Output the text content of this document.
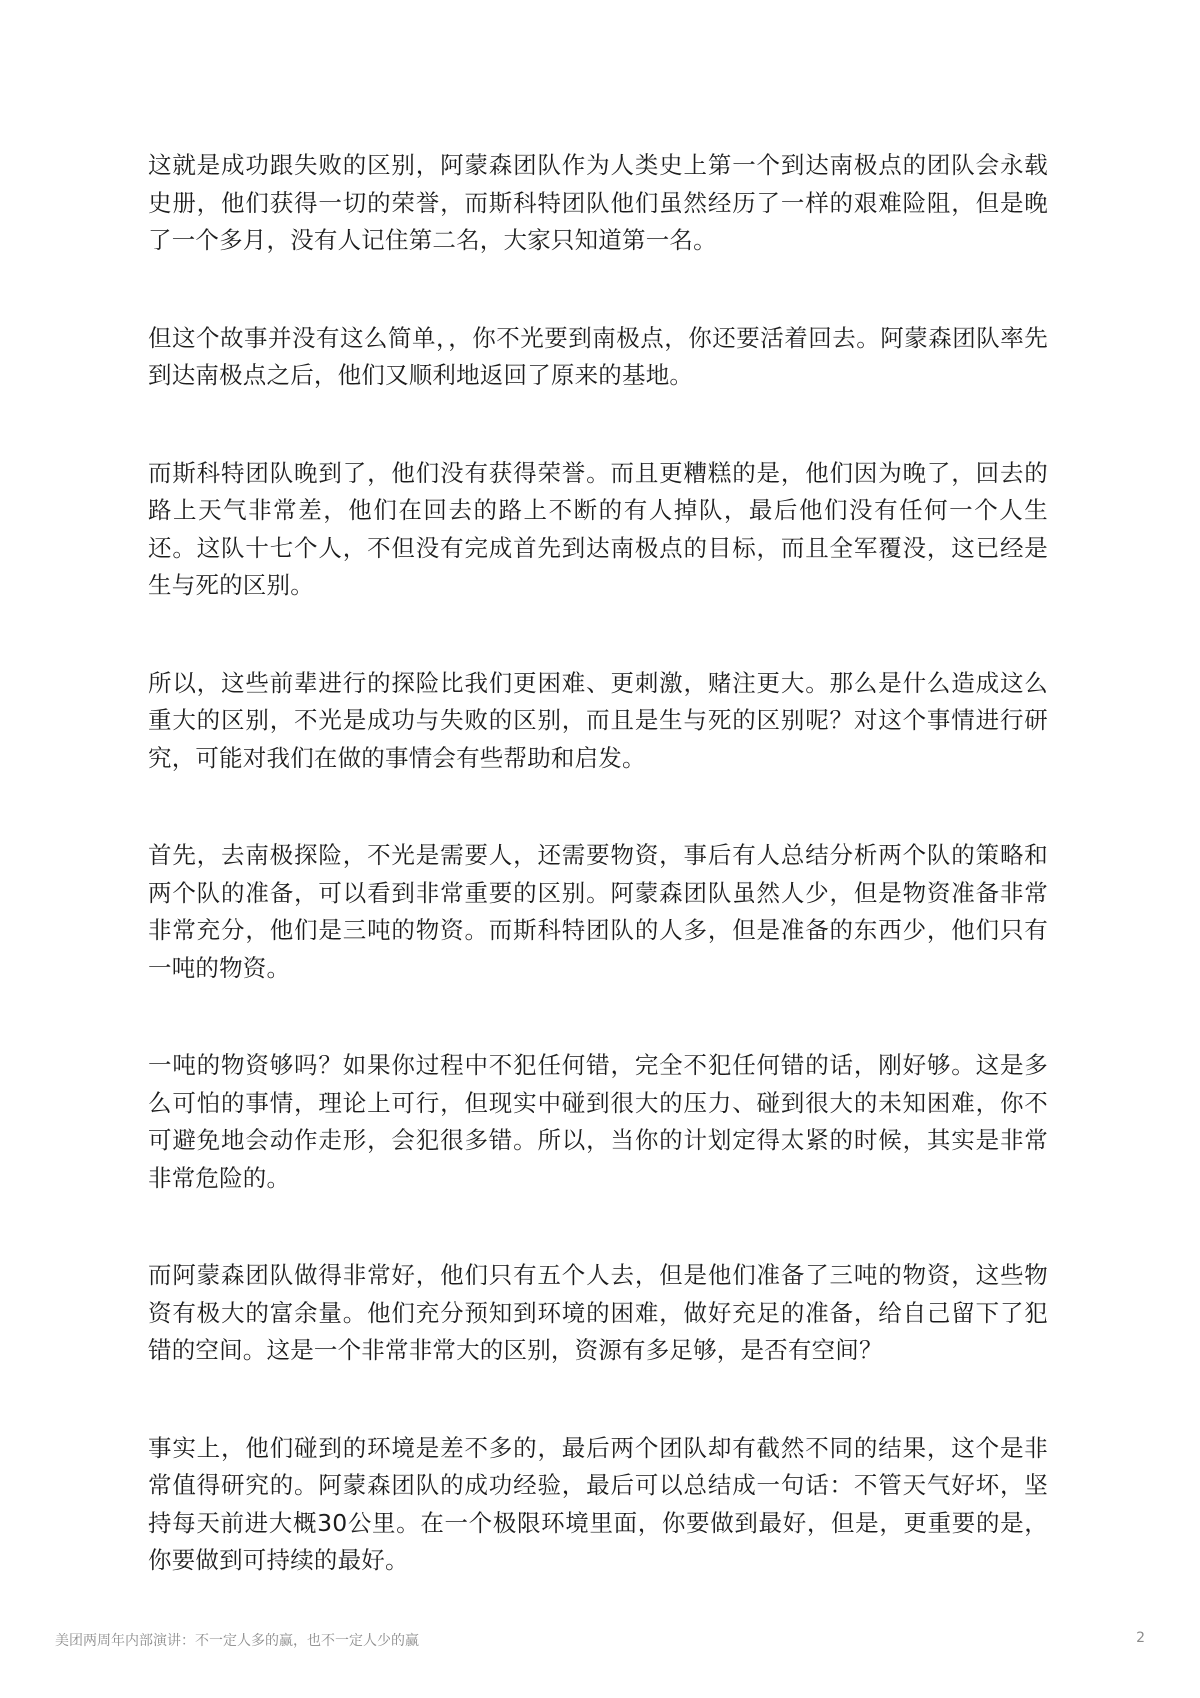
这就是成功跟失败的区别，阿蒙森团队作为人类史上第一个到达南极点的团队会永载史册，他们获得一切的荣誉，而斯科特团队他们虽然经历了一样的艰难险阻，但是晚了一个多月，没有人记住第二名，大家只知道第一名。

但这个故事并没有这么简单，，你不光要到南极点，你还要活着回去。阿蒙森团队率先到达南极点之后，他们又顺利地返回了原来的基地。

而斯科特团队晚到了，他们没有获得荣誉。而且更糟糕的是，他们因为晚了，回去的路上天气非常差，他们在回去的路上不断的有人掉队，最后他们没有任何一个人生还。这队十七个人，不但没有完成首先到达南极点的目标，而且全军覆没，这已经是生与死的区别。

所以，这些前辈进行的探险比我们更困难、更刺激，赌注更大。那么是什么造成这么重大的区别，不光是成功与失败的区别，而且是生与死的区别呢？对这个事情进行研究，可能对我们在做的事情会有些帮助和启发。

首先，去南极探险，不光是需要人，还需要物资，事后有人总结分析两个队的策略和两个队的准备，可以看到非常重要的区别。阿蒙森团队虽然人少，但是物资准备非常非常充分，他们是三吨的物资。而斯科特团队的人多，但是准备的东西少，他们只有一吨的物资。

一吨的物资够吗？如果你过程中不犯任何错，完全不犯任何错的话，刚好够。这是多么可怕的事情，理论上可行，但现实中碰到很大的压力、碰到很大的未知困难，你不可避免地会动作走形，会犯很多错。所以，当你的计划定得太紧的时候，其实是非常非常危险的。

而阿蒙森团队做得非常好，他们只有五个人去，但是他们准备了三吨的物资，这些物资有极大的富余量。他们充分预知到环境的困难，做好充足的准备，给自己留下了犯错的空间。这是一个非常非常大的区别，资源有多足够，是否有空间？

事实上，他们碰到的环境是差不多的，最后两个团队却有截然不同的结果，这个是非常值得研究的。阿蒙森团队的成功经验，最后可以总结成一句话：不管天气好坏，坚持每天前进大概30公里。在一个极限环境里面，你要做到最好，但是，更重要的是，你要做到可持续的最好。

美团两周年内部演讲：不一定人多的赢，也不一定人少的赢	2
